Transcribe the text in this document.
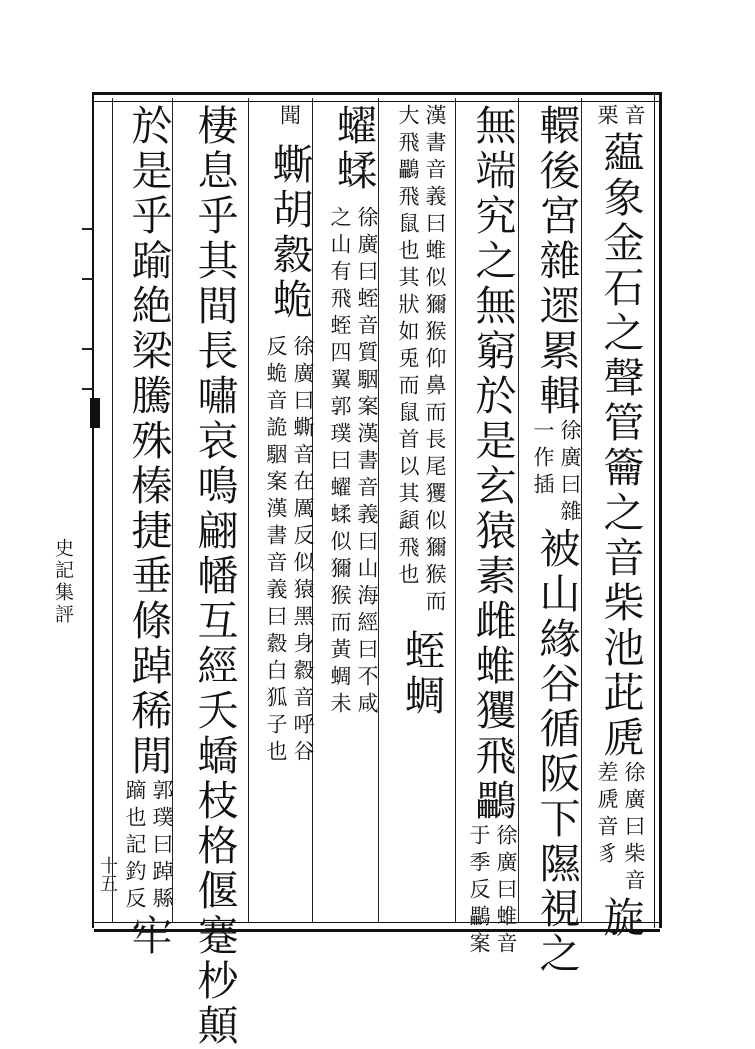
史記集評
十五
音
栗
藴象金石之聲管籥之音柴池茈虒
徐廣曰柴音
差虒音豸
旋
轘後宮雜遝累輯
徐廣曰雜
一作插
被山緣谷循阪下隰視之
無端究之無窮於是玄猿素雌蜼玃飛鸓
徐廣曰蜼音
于季反鸓案
漢書音義曰蜼似獮猴仰鼻而長尾玃似獮猴而
大飛鸓飛鼠也其狀如兎而鼠首以其頿飛也
蛭蜩
蠗蝚
徐廣曰蛭音質駰案漢書音義曰山海經曰不咸
之山有飛蛭四翼郭璞曰蠗蝚似獮猴而黃蜩未
聞
蟖胡縠蛫
徐廣曰蟖音在厲反似猿黑身縠音呼谷
反蛫音詭駰案漢書音義曰縠白狐子也
棲息乎其間長嘯哀鳴翩幡互經夭蟜枝格偃蹇杪顛
於是乎踰絶梁騰殊榛捷垂條踔稀閒
郭璞曰踔縣
蹢也記釣反
牢
